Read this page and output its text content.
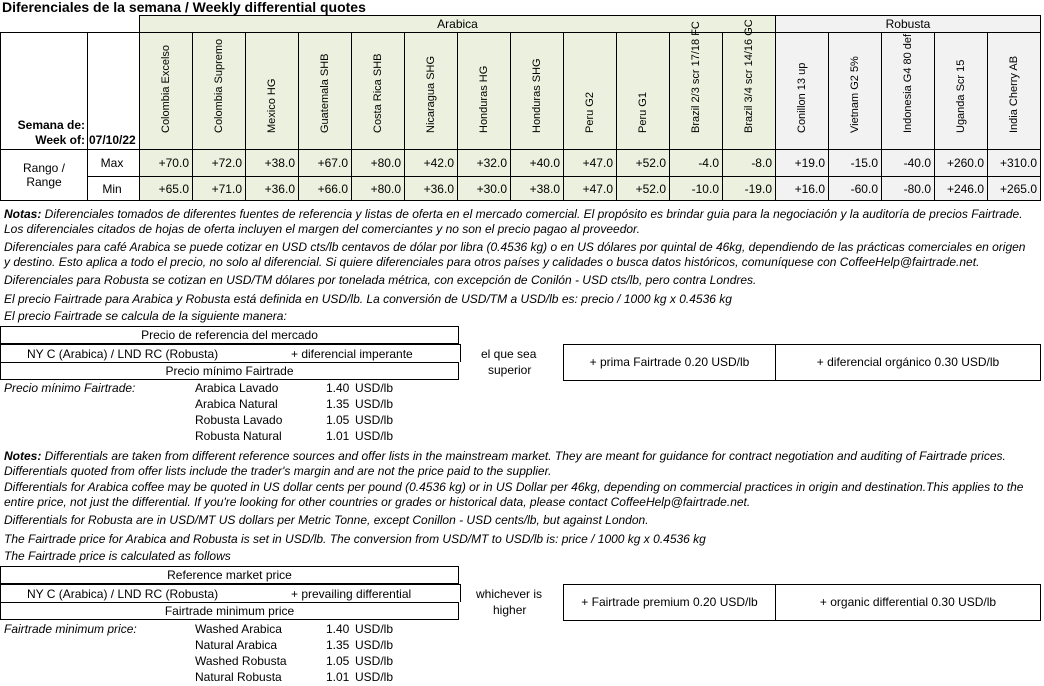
Diferenciales de la semana / Weekly differential quotes
		Arabica												Robusta				

Semana de:
Week of:	07/10/22	Colombia Excelso	Colombia Supremo	Mexico HG	Guatemala SHB	Costa Rica SHB	Nicaragua SHG	Honduras HG	Honduras SHG	Peru G2	Peru G1	Brazil 2/3 scr 17/18 FC	Brazil 3/4 scr 14/16 GC	Conillon 13 up	Vietnam G2 5%	Indonesia G4 80 def	Uganda Scr 15	India Cherry AB

Rango /
Range	Max	+70.0	+72.0	+38.0	+67.0	+80.0	+42.0	+32.0	+40.0	+47.0	+52.0	-4.0	-8.0	+19.0	-15.0	-40.0	+260.0	+310.0
	Min	+65.0	+71.0	+36.0	+66.0	+80.0	+36.0	+30.0	+38.0	+47.0	+52.0	-10.0	-19.0	+16.0	-60.0	-80.0	+246.0	+265.0
Notas: Diferenciales tomados de diferentes fuentes de referencia y listas de oferta en el mercado comercial. El propósito es brindar guia para la negociación y la auditoría de precios Fairtrade. Los diferenciales citados de hojas de oferta incluyen el margen del comerciantes y no son el precio pagao al proveedor.
Diferenciales para café Arabica se puede cotizar en USD cts/lb centavos de dólar por libra (0.4536 kg) o en US dólares por quintal de 46kg, dependiendo de las prácticas comerciales en origen y destino. Esto aplica a todo el precio, no solo al diferencial. Si quiere diferenciales para otros países y calidades o busca datos históricos, comuníquese con CoffeeHelp@fairtrade.net.
Diferenciales para Robusta se cotizan en USD/TM dólares por tonelada métrica, con excepción de Conilón - USD cts/lb, pero contra Londres.
El precio Fairtrade para Arabica y Robusta está definida en USD/lb. La conversión de USD/TM a USD/lb es: precio / 1000 kg x 0.4536 kg
El precio Fairtrade se calcula de la siguiente manera:
Precio de referencia del mercado
NY C (Arabica) / LND RC (Robusta)	+ diferencial imperante
Precio mínimo Fairtrade
el que sea
superior
+ prima Fairtrade 0.20 USD/lb	+ diferencial orgánico 0.30 USD/lb
Precio mínimo Fairtrade:	Arabica Lavado	1.40 USD/lb
Arabica Natural	1.35 USD/lb
Robusta Lavado	1.05 USD/lb
Robusta Natural	1.01 USD/lb
Notes: Differentials are taken from different reference sources and offer lists in the mainstream market. They are meant for guidance for contract negotiation and auditing of Fairtrade prices. Differentials quoted from offer lists include the trader's margin and are not the price paid to the supplier.
Differentials for Arabica coffee may be quoted in US dollar cents per pound (0.4536 kg) or in US Dollar per 46kg, depending on commercial practices in origin and destination.This applies to the entire price, not just the differential. If you're looking for other countries or grades or historical data, please contact CoffeeHelp@fairtrade.net.
Differentials for Robusta are in USD/MT US dollars per Metric Tonne, except Conillon - USD cents/lb, but against London.
The Fairtrade price for Arabica and Robusta is set in USD/lb. The conversion from USD/MT to USD/lb is: price / 1000 kg x 0.4536 kg
The Fairtrade price is calculated as follows
Reference market price
NY C (Arabica) / LND RC (Robusta)	+ prevailing differential
Fairtrade minimum price
whichever is
higher
+ Fairtrade premium 0.20 USD/lb	+ organic differential 0.30 USD/lb
Fairtrade minimum price:	Washed Arabica	1.40 USD/lb
Natural Arabica	1.35 USD/lb
Washed Robusta	1.05 USD/lb
Natural Robusta	1.01 USD/lb
